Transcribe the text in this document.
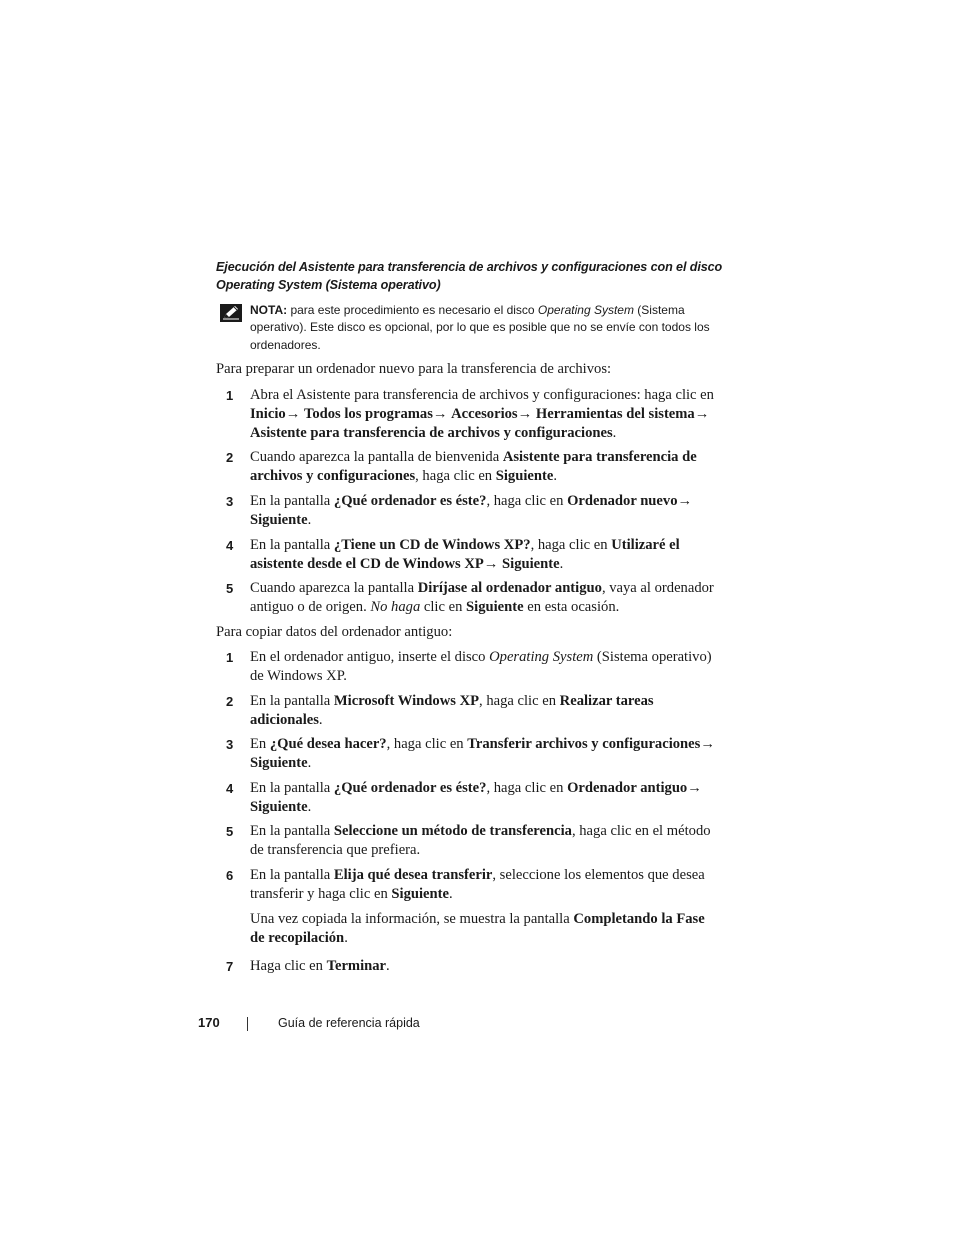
Ejecución del Asistente para transferencia de archivos y configuraciones con el disco Operating System (Sistema operativo)
NOTA: para este procedimiento es necesario el disco Operating System (Sistema operativo). Este disco es opcional, por lo que es posible que no se envíe con todos los ordenadores.
Para preparar un ordenador nuevo para la transferencia de archivos:
1 Abra el Asistente para transferencia de archivos y configuraciones: haga clic en Inicio→ Todos los programas→ Accesorios→ Herramientas del sistema→ Asistente para transferencia de archivos y configuraciones.
2 Cuando aparezca la pantalla de bienvenida Asistente para transferencia de archivos y configuraciones, haga clic en Siguiente.
3 En la pantalla ¿Qué ordenador es éste?, haga clic en Ordenador nuevo→ Siguiente.
4 En la pantalla ¿Tiene un CD de Windows XP?, haga clic en Utilizaré el asistente desde el CD de Windows XP→ Siguiente.
5 Cuando aparezca la pantalla Diríjase al ordenador antiguo, vaya al ordenador antiguo o de origen. No haga clic en Siguiente en esta ocasión.
Para copiar datos del ordenador antiguo:
1 En el ordenador antiguo, inserte el disco Operating System (Sistema operativo) de Windows XP.
2 En la pantalla Microsoft Windows XP, haga clic en Realizar tareas adicionales.
3 En ¿Qué desea hacer?, haga clic en Transferir archivos y configuraciones→ Siguiente.
4 En la pantalla ¿Qué ordenador es éste?, haga clic en Ordenador antiguo→ Siguiente.
5 En la pantalla Seleccione un método de transferencia, haga clic en el método de transferencia que prefiera.
6 En la pantalla Elija qué desea transferir, seleccione los elementos que desea transferir y haga clic en Siguiente.
Una vez copiada la información, se muestra la pantalla Completando la Fase de recopilación.
7 Haga clic en Terminar.
170	Guía de referencia rápida
